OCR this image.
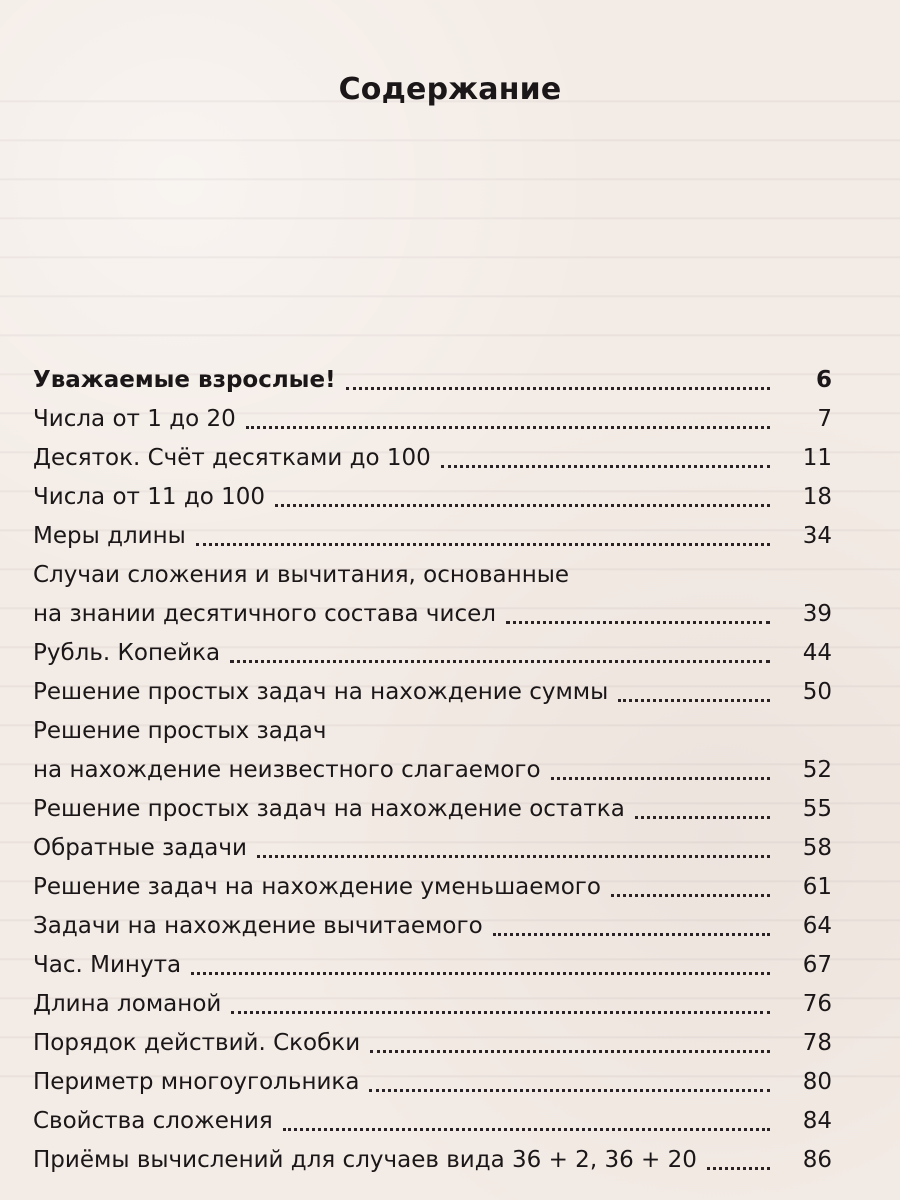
Содержание
Уважаемые взрослые!	6
Числа от 1 до 20	7
Десяток. Счёт десятками до 100	11
Числа от 11 до 100	18
Меры длины	34
Случаи сложения и вычитания, основанные
на знании десятичного состава чисел	39
Рубль. Копейка	44
Решение простых задач на нахождение суммы	50
Решение простых задач
на нахождение неизвестного слагаемого	52
Решение простых задач на нахождение остатка	55
Обратные задачи	58
Решение задач на нахождение уменьшаемого	61
Задачи на нахождение вычитаемого	64
Час. Минута	67
Длина ломаной	76
Порядок действий. Скобки	78
Периметр многоугольника	80
Свойства сложения	84
Приёмы вычислений для случаев вида 36 + 2, 36 + 20	86
